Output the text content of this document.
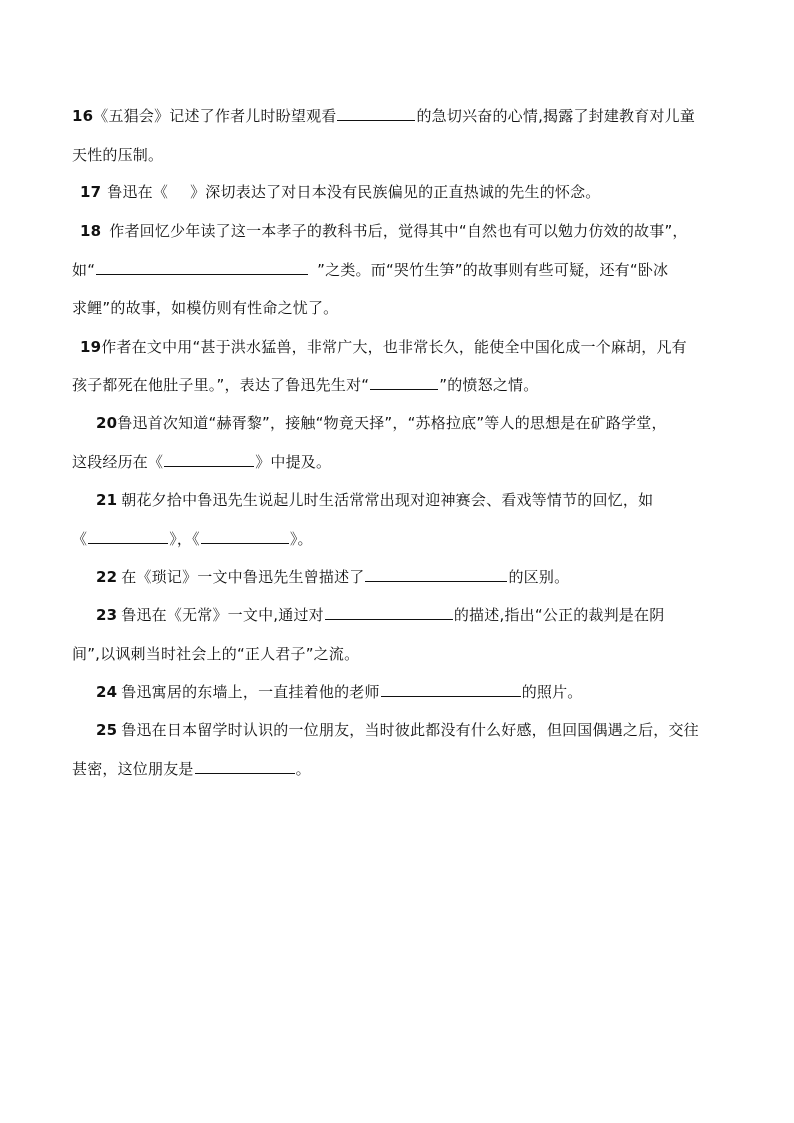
16《五猖会》记述了作者儿时盼望观看	的急切兴奋的心情,揭露了封建教育对儿童
天性的压制。
17 鲁迅在《 》深切表达了对日本没有民族偏见的正直热诚的先生的怀念。
18 作者回忆少年读了这一本孝子的教科书后，觉得其中“自然也有可以勉力仿效的故事”，
如“	”之类。而“哭竹生笋”的故事则有些可疑，还有“卧冰
求鲤”的故事，如模仿则有性命之忧了。
19作者在文中用“甚于洪水猛兽，非常广大，也非常长久，能使全中国化成一个麻胡，凡有
孩子都死在他肚子里。”，表达了鲁迅先生对“	”的愤怒之情。
20鲁迅首次知道“赫胥黎”，接触“物竟天择”，“苏格拉底”等人的思想是在矿路学堂，
这段经历在《	》中提及。
21 朝花夕拾中鲁迅先生说起儿时生活常常出现对迎神赛会、看戏等情节的回忆，如
《	》，《	》。
22 在《琐记》一文中鲁迅先生曾描述了	的区别。
23 鲁迅在《无常》一文中,通过对	的描述,指出“公正的裁判是在阴
间”,以讽刺当时社会上的“正人君子”之流。
24 鲁迅寓居的东墙上，一直挂着他的老师	的照片。
25 鲁迅在日本留学时认识的一位朋友，当时彼此都没有什么好感，但回国偶遇之后，交往
甚密，这位朋友是	。
